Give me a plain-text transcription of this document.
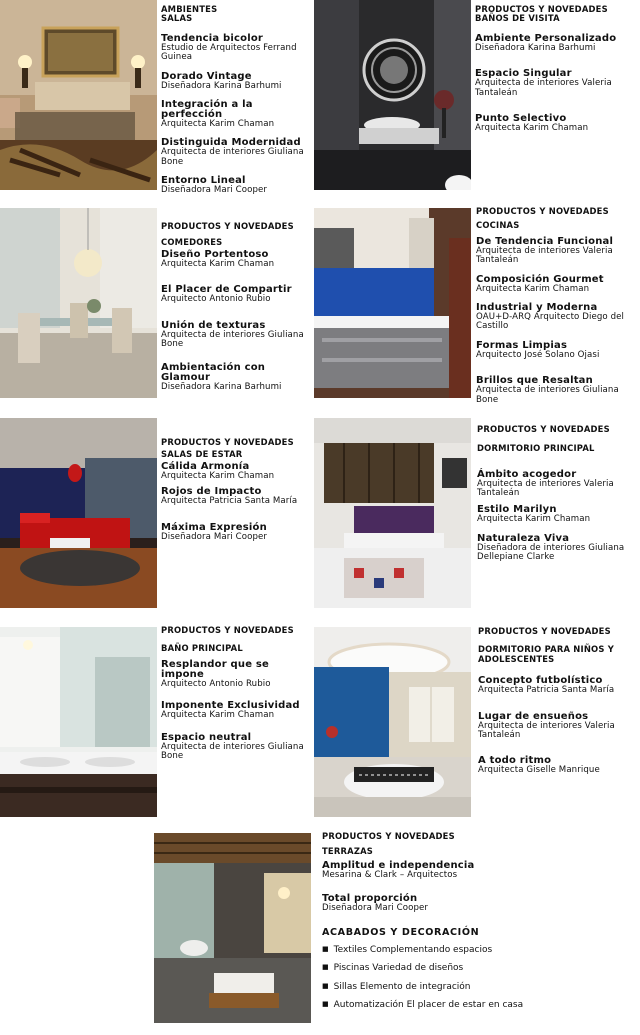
AMBIENTES
SALAS
Tendencia bicolor
Estudio de Arquitectos Ferrand Guinea
Dorado Vintage
Diseñadora Karina Barhumi
Integración a la perfección
Arquitecta Karim Chaman
Distinguida Modernidad
Arquitecta de interiores Giuliana Bone
Entorno Lineal
Diseñadora Mari Cooper
PRODUCTOS Y NOVEDADES
BAÑOS DE VISITA
Ambiente Personalizado
Diseñadora Karina Barhumi
Espacio Singular
Arquitecta de interiores Valeria Tantaleán
Punto Selectivo
Arquitecta Karim Chaman
PRODUCTOS Y NOVEDADES
COMEDORES
Diseño Portentoso
Arquitecta Karim Chaman
El Placer de Compartir
Arquitecto Antonio Rubio
Unión de texturas
Arquitecta de interiores Giuliana Bone
Ambientación con Glamour
Diseñadora Karina Barhumi
PRODUCTOS Y NOVEDADES
COCINAS
De Tendencia Funcional
Arquitecta de interiores Valeria Tantaleán
Composición Gourmet
Arquitecta Karim Chaman
Industrial y Moderna
OAU+D-ARQ Arquitecto Diego del Castillo
Formas Limpias
Arquitecto José Solano Ojasi
Brillos que Resaltan
Arquitecta de interiores Giuliana Bone
PRODUCTOS Y NOVEDADES
SALAS DE ESTAR
Cálida Armonía
Arquitecta Karim Chaman
Rojos de Impacto
Arquitecta Patricia Santa María
Máxima Expresión
Diseñadora Mari Cooper
PRODUCTOS Y NOVEDADES
DORMITORIO PRINCIPAL
Ámbito acogedor
Arquitecta de interiores Valeria Tantaleán
Estilo Marilyn
Arquitecta Karim Chaman
Naturaleza Viva
Diseñadora de interiores Giuliana Dellepiane Clarke
PRODUCTOS Y NOVEDADES
BAÑO PRINCIPAL
Resplandor que se impone
Arquitecto Antonio Rubio
Imponente Exclusividad
Arquitecta Karim Chaman
Espacio neutral
Arquitecta de interiores Giuliana Bone
PRODUCTOS Y NOVEDADES
DORMITORIO PARA NIÑOS Y ADOLESCENTES
Concepto futbolístico
Arquitecta Patricia Santa María
Lugar de ensueños
Arquitecta de interiores Valeria Tantaleán
A todo ritmo
Arquitecta Giselle Manrique
PRODUCTOS Y NOVEDADES
TERRAZAS
Amplitud e independencia
Mesarina & Clark – Arquitectos
Total proporción
Diseñadora Mari Cooper
ACABADOS Y DECORACIÓN
■ Textiles Complementando espacios
■ Piscinas Variedad de diseños
■ Sillas Elemento de integración
■ Automatización El placer de estar en casa
